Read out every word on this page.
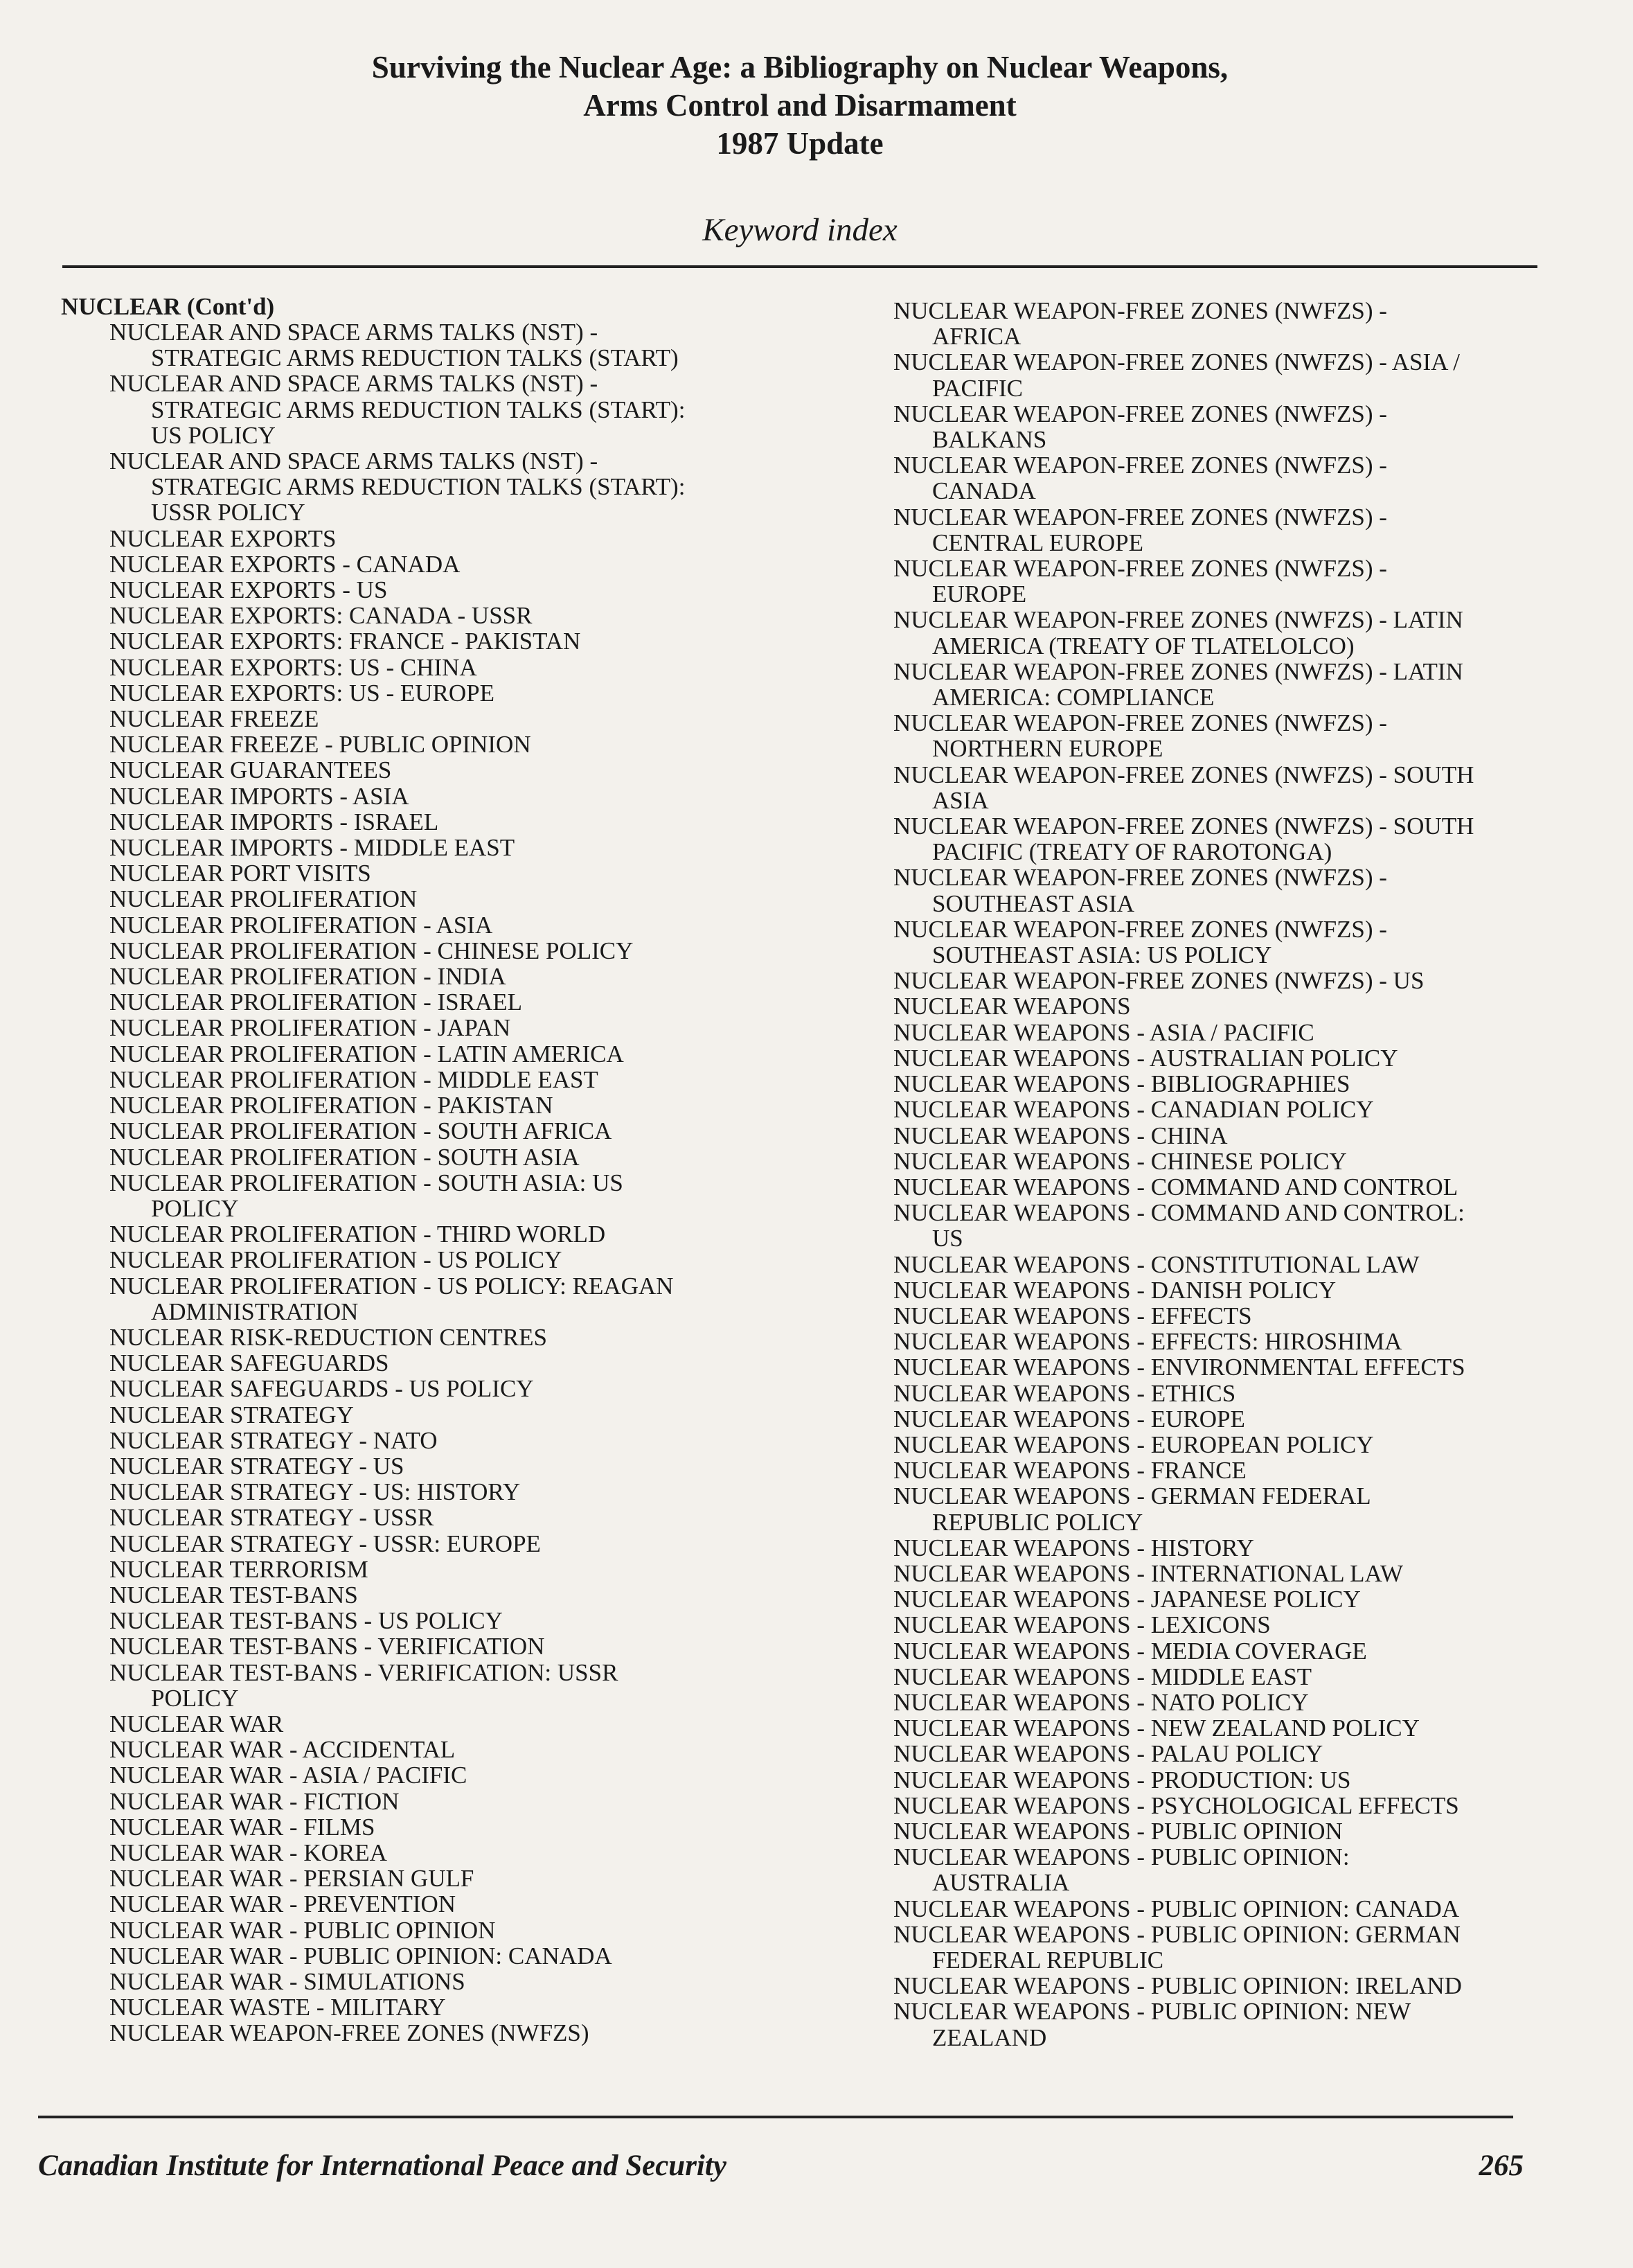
Surviving the Nuclear Age: a Bibliography on Nuclear Weapons,
Arms Control and Disarmament
1987 Update
Keyword index
NUCLEAR (Cont'd)
NUCLEAR AND SPACE ARMS TALKS (NST) -
STRATEGIC ARMS REDUCTION TALKS (START)
NUCLEAR AND SPACE ARMS TALKS (NST) -
STRATEGIC ARMS REDUCTION TALKS (START):
US POLICY
NUCLEAR AND SPACE ARMS TALKS (NST) -
STRATEGIC ARMS REDUCTION TALKS (START):
USSR POLICY
NUCLEAR EXPORTS
NUCLEAR EXPORTS - CANADA
NUCLEAR EXPORTS - US
NUCLEAR EXPORTS: CANADA - USSR
NUCLEAR EXPORTS: FRANCE - PAKISTAN
NUCLEAR EXPORTS: US - CHINA
NUCLEAR EXPORTS: US - EUROPE
NUCLEAR FREEZE
NUCLEAR FREEZE - PUBLIC OPINION
NUCLEAR GUARANTEES
NUCLEAR IMPORTS - ASIA
NUCLEAR IMPORTS - ISRAEL
NUCLEAR IMPORTS - MIDDLE EAST
NUCLEAR PORT VISITS
NUCLEAR PROLIFERATION
NUCLEAR PROLIFERATION - ASIA
NUCLEAR PROLIFERATION - CHINESE POLICY
NUCLEAR PROLIFERATION - INDIA
NUCLEAR PROLIFERATION - ISRAEL
NUCLEAR PROLIFERATION - JAPAN
NUCLEAR PROLIFERATION - LATIN AMERICA
NUCLEAR PROLIFERATION - MIDDLE EAST
NUCLEAR PROLIFERATION - PAKISTAN
NUCLEAR PROLIFERATION - SOUTH AFRICA
NUCLEAR PROLIFERATION - SOUTH ASIA
NUCLEAR PROLIFERATION - SOUTH ASIA: US
POLICY
NUCLEAR PROLIFERATION - THIRD WORLD
NUCLEAR PROLIFERATION - US POLICY
NUCLEAR PROLIFERATION - US POLICY: REAGAN
ADMINISTRATION
NUCLEAR RISK-REDUCTION CENTRES
NUCLEAR SAFEGUARDS
NUCLEAR SAFEGUARDS - US POLICY
NUCLEAR STRATEGY
NUCLEAR STRATEGY - NATO
NUCLEAR STRATEGY - US
NUCLEAR STRATEGY - US: HISTORY
NUCLEAR STRATEGY - USSR
NUCLEAR STRATEGY - USSR: EUROPE
NUCLEAR TERRORISM
NUCLEAR TEST-BANS
NUCLEAR TEST-BANS - US POLICY
NUCLEAR TEST-BANS - VERIFICATION
NUCLEAR TEST-BANS - VERIFICATION: USSR
POLICY
NUCLEAR WAR
NUCLEAR WAR - ACCIDENTAL
NUCLEAR WAR - ASIA / PACIFIC
NUCLEAR WAR - FICTION
NUCLEAR WAR - FILMS
NUCLEAR WAR - KOREA
NUCLEAR WAR - PERSIAN GULF
NUCLEAR WAR - PREVENTION
NUCLEAR WAR - PUBLIC OPINION
NUCLEAR WAR - PUBLIC OPINION: CANADA
NUCLEAR WAR - SIMULATIONS
NUCLEAR WASTE - MILITARY
NUCLEAR WEAPON-FREE ZONES (NWFZS)
NUCLEAR WEAPON-FREE ZONES (NWFZS) -
AFRICA
NUCLEAR WEAPON-FREE ZONES (NWFZS) - ASIA /
PACIFIC
NUCLEAR WEAPON-FREE ZONES (NWFZS) -
BALKANS
NUCLEAR WEAPON-FREE ZONES (NWFZS) -
CANADA
NUCLEAR WEAPON-FREE ZONES (NWFZS) -
CENTRAL EUROPE
NUCLEAR WEAPON-FREE ZONES (NWFZS) -
EUROPE
NUCLEAR WEAPON-FREE ZONES (NWFZS) - LATIN
AMERICA (TREATY OF TLATELOLCO)
NUCLEAR WEAPON-FREE ZONES (NWFZS) - LATIN
AMERICA: COMPLIANCE
NUCLEAR WEAPON-FREE ZONES (NWFZS) -
NORTHERN EUROPE
NUCLEAR WEAPON-FREE ZONES (NWFZS) - SOUTH
ASIA
NUCLEAR WEAPON-FREE ZONES (NWFZS) - SOUTH
PACIFIC (TREATY OF RAROTONGA)
NUCLEAR WEAPON-FREE ZONES (NWFZS) -
SOUTHEAST ASIA
NUCLEAR WEAPON-FREE ZONES (NWFZS) -
SOUTHEAST ASIA: US POLICY
NUCLEAR WEAPON-FREE ZONES (NWFZS) - US
NUCLEAR WEAPONS
NUCLEAR WEAPONS - ASIA / PACIFIC
NUCLEAR WEAPONS - AUSTRALIAN POLICY
NUCLEAR WEAPONS - BIBLIOGRAPHIES
NUCLEAR WEAPONS - CANADIAN POLICY
NUCLEAR WEAPONS - CHINA
NUCLEAR WEAPONS - CHINESE POLICY
NUCLEAR WEAPONS - COMMAND AND CONTROL
NUCLEAR WEAPONS - COMMAND AND CONTROL:
US
NUCLEAR WEAPONS - CONSTITUTIONAL LAW
NUCLEAR WEAPONS - DANISH POLICY
NUCLEAR WEAPONS - EFFECTS
NUCLEAR WEAPONS - EFFECTS: HIROSHIMA
NUCLEAR WEAPONS - ENVIRONMENTAL EFFECTS
NUCLEAR WEAPONS - ETHICS
NUCLEAR WEAPONS - EUROPE
NUCLEAR WEAPONS - EUROPEAN POLICY
NUCLEAR WEAPONS - FRANCE
NUCLEAR WEAPONS - GERMAN FEDERAL
REPUBLIC POLICY
NUCLEAR WEAPONS - HISTORY
NUCLEAR WEAPONS - INTERNATIONAL LAW
NUCLEAR WEAPONS - JAPANESE POLICY
NUCLEAR WEAPONS - LEXICONS
NUCLEAR WEAPONS - MEDIA COVERAGE
NUCLEAR WEAPONS - MIDDLE EAST
NUCLEAR WEAPONS - NATO POLICY
NUCLEAR WEAPONS - NEW ZEALAND POLICY
NUCLEAR WEAPONS - PALAU POLICY
NUCLEAR WEAPONS - PRODUCTION: US
NUCLEAR WEAPONS - PSYCHOLOGICAL EFFECTS
NUCLEAR WEAPONS - PUBLIC OPINION
NUCLEAR WEAPONS - PUBLIC OPINION:
AUSTRALIA
NUCLEAR WEAPONS - PUBLIC OPINION: CANADA
NUCLEAR WEAPONS - PUBLIC OPINION: GERMAN
FEDERAL REPUBLIC
NUCLEAR WEAPONS - PUBLIC OPINION: IRELAND
NUCLEAR WEAPONS - PUBLIC OPINION: NEW
ZEALAND
Canadian Institute for International Peace and Security	265
